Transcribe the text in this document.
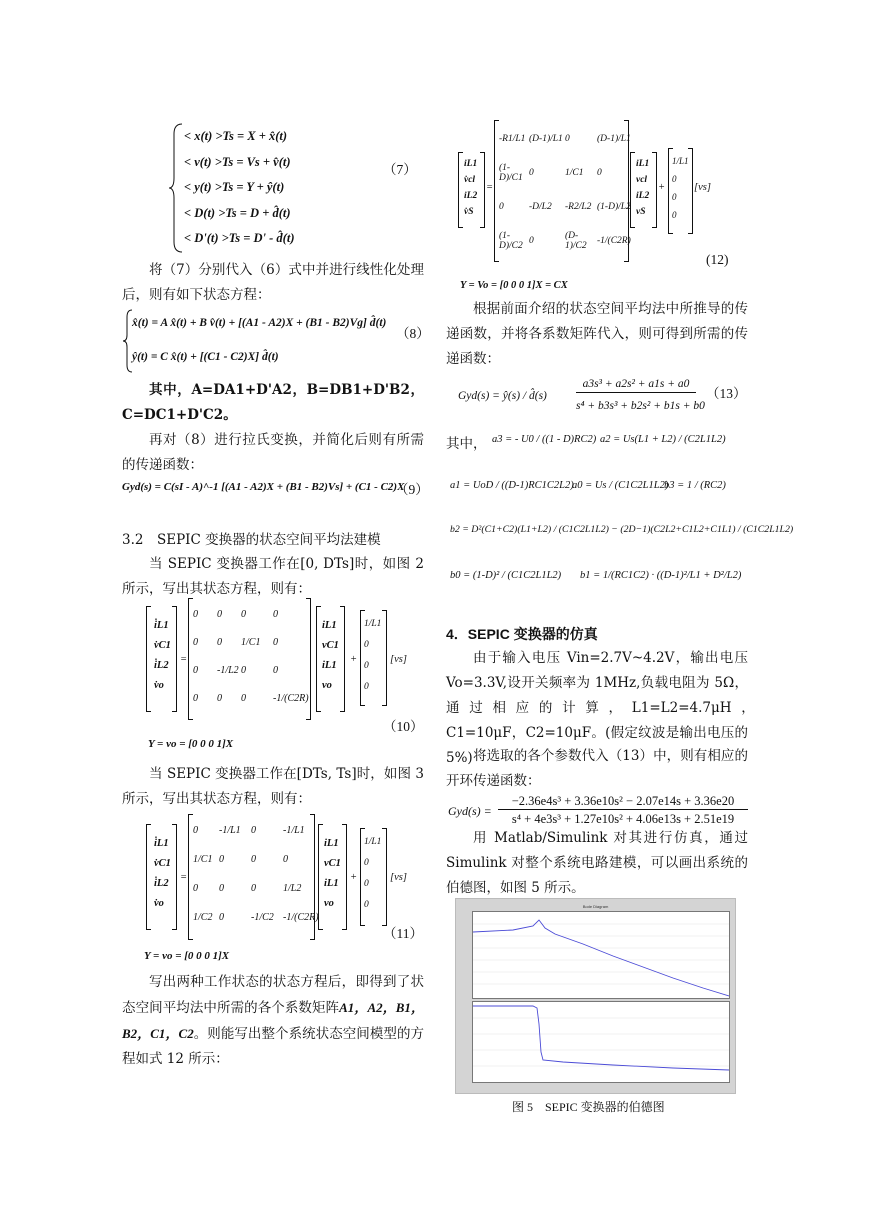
< x(t) >Ts = X + x̂(t)
< v(t) >Ts = Vs + v̂(t)
< y(t) >Ts = Y + ŷ(t)
< D(t) >Ts = D + d̂(t)
< D'(t) >Ts = D' - d̂(t)
（7）
将（7）分别代入（6）式中并进行线性化处理后，则有如下状态方程：
x̂(t) = A x̂(t) + B v̂(t) + [(A1 - A2)X + (B1 - B2)Vg] d̂(t)
ŷ(t) = C x̂(t) + [(C1 - C2)X] d̂(t)
（8）
其中，A=DA1+D'A2，B=DB1+D'B2，C=DC1+D'C2。
再对（8）进行拉氏变换，并简化后则有所需的传递函数：
Gyd(s) = C(sI - A)^-1 [(A1 - A2)X + (B1 - B2)Vs] + (C1 - C2)X
（9）
3.2　SEPIC 变换器的状态空间平均法建模
当 SEPIC 变换器工作在[0, DTs]时，如图 2 所示，写出其状态方程，则有：
i̇L1
v̇C1
i̇L2
v̇o
=
0	0	0	0
0	0	1/C1	0
0	-1/L2	0	0
0	0	0	-1/(C2R)
iL1
vC1
iL1
vo
+
1/L1
0
0
0
[vs]
（10）
Y = vo = [0 0 0 1]X
当 SEPIC 变换器工作在[DTs, Ts]时，如图 3 所示，写出其状态方程，则有：
i̇L1
v̇C1
i̇L2
v̇o
=
0	-1/L1	0	-1/L1
1/C1	0	0	0
0	0	0	1/L2
1/C2	0	-1/C2	-1/(C2R)
iL1
vC1
iL1
vo
+
1/L1
0
0
0
[vs]
（11）
Y = vo = [0 0 0 1]X
写出两种工作状态的状态方程后，即得到了状态空间平均法中所需的各个系数矩阵A1，A2，B1，B2，C1，C2。则能写出整个系统状态空间模型的方程如式 12 所示：
iL1
v̇cl
iL2
v̇S
=
-R1/L1	(D-1)/L1	0	(D-1)/L1
(1-D)/C1	0	1/C1	0
0	-D/L2	-R2/L2	(1-D)/L2
(1-D)/C2	0	(D-1)/C2	-1/(C2R)
iL1
vcl
iL2
vS
+
1/L1
0
0
0
[vs]
(12)
Y = Vo = [0 0 0 1]X = CX
根据前面介绍的状态空间平均法中所推导的传递函数，并将各系数矩阵代入，则可得到所需的传递函数：
Gyd(s) = ŷ(s) / d̂(s)
a3s³ + a2s² + a1s + a0
s⁴ + b3s³ + b2s² + b1s + b0
（13）
其中， a3 = - U0 / ((1 - D)RC2) a2 = Us(L1 + L2) / (C2L1L2)
a1 = UoD / ((D-1)RC1C2L2)
a0 = Us / (C1C2L1L2)
b3 = 1 / (RC2)
b2 = D²(C1+C2)(L1+L2) / (C1C2L1L2) − (2D−1)(C2L2+C1L2+C1L1) / (C1C2L1L2)
b0 = (1-D)² / (C1C2L1L2) b1 = 1/(RC1C2) · ((D-1)²/L1 + D²/L2)
4．SEPIC 变换器的仿真
由于输入电压 Vin=2.7V~4.2V，输出电压 Vo=3.3V,设开关频率为 1MHz,负载电阻为 5Ω，通过相应的计算，L1=L2=4.7μH，　C1=10μF，C2=10μF。(假定纹波是输出电压的 5%) 将选取的各个参数代入（13）中，则有相应的开环传递函数：
Gyd(s) =
−2.36e4s³ + 3.36e10s² − 2.07e14s + 3.36e20
s⁴ + 4e3s³ + 1.27e10s² + 4.06e13s + 2.51e19
用 Matlab/Simulink 对其进行仿真，通过 Simulink 对整个系统电路建模，可以画出系统的伯德图，如图 5 所示。
Bode Diagram
图 5　SEPIC 变换器的伯德图
